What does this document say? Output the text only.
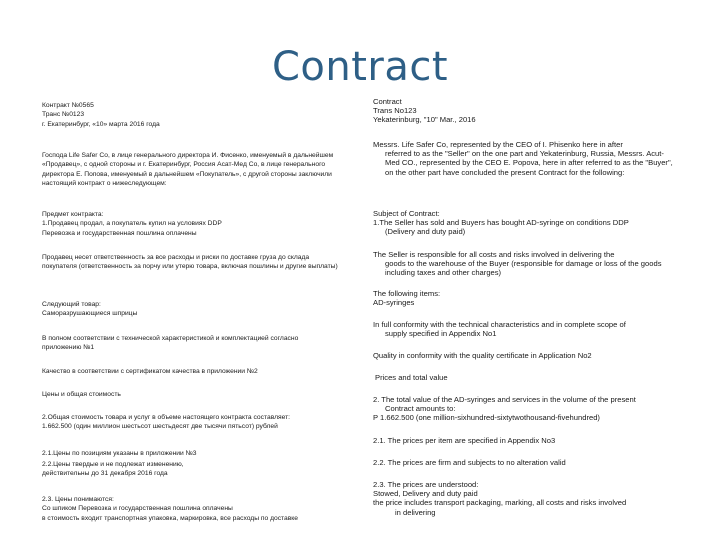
Contract
Контракт №0565
Транс №0123
г. Екатеринбург, «10» марта 2016 года
Господа Life Safer Co, в лице генерального директора И. Фисенко, именуемый в дальнейшем «Продавец», с одной стороны и г. Екатеринбург, Россия Асат-Мед Со, в лице генерального директора Е. Попова, именуемый в дальнейшем «Покупатель», с другой стороны заключили настоящий контракт о нижеследующем:
Предмет контракта:
1.Продавец продал, а покупатель купил на условиях DDP
Перевозка и государственная пошлина оплачены
Продавец несет ответственность за все расходы и риски по доставке груза до склада покупателя (ответственность за порчу или утерю товара, включая пошлины и другие выплаты)
Следующий товар:
Саморазрушающиеся шприцы
В полном соответствии с технической характеристикой и комплектацией согласно приложению №1
Качество в соответствии с сертификатом качества в приложении №2
Цены и общая стоимость
2.Общая стоимость товара и услуг в объеме настоящего контракта составляет:
1.662.500 (один миллион шестьсот шестьдесят две тысячи пятьсот) рублей
2.1.Цены по позициям указаны в приложении №3
2.2.Цены твердые и не подлежат изменению,
действительны до 31 декабря 2016 года
2.3. Цены понимаются:
Со шпиком Перевозка и государственная пошлина оплачены
в стоимость входит транспортная упаковка, маркировка, все расходы по доставке
Contract
Trans No123
Yekaterinburg, "10" Mar., 2016
Messrs. Life Safer Co, represented by the CEO of I. Phisenko here in after
referred to as the "Seller" on the one part and Yekaterinburg, Russia, Messrs. Acut-Med CO., represented by the CEO E. Popova, here in after referred to as the "Buyer", on the other part have concluded the present Contract for the following:
Subject of Contract:
1.The Seller has sold and Buyers has bought AD-syringe on conditions DDP
(Delivery and duty paid)
The Seller is responsible for all costs and risks involved in delivering the
goods to the warehouse of the Buyer (responsible for damage or loss of the goods including taxes and other charges)
The following items:
AD-syringes
In full conformity with the technical characteristics and in complete scope of
supply specified in Appendix No1
Quality in conformity with the quality certificate in Application No2
Prices and total value
2. The total value of the AD-syringes and services in the volume of the present
Contract amounts to:
P 1.662.500 (one million-sixhundred-sixtytwothousand-fivehundred)
2.1. The prices per item are specified in Appendix No3
2.2. The prices are firm and subjects to no alteration valid
2.3. The prices are understood:
Stowed, Delivery and duty paid
the price includes transport packaging, marking, all costs and risks involved
in delivering
